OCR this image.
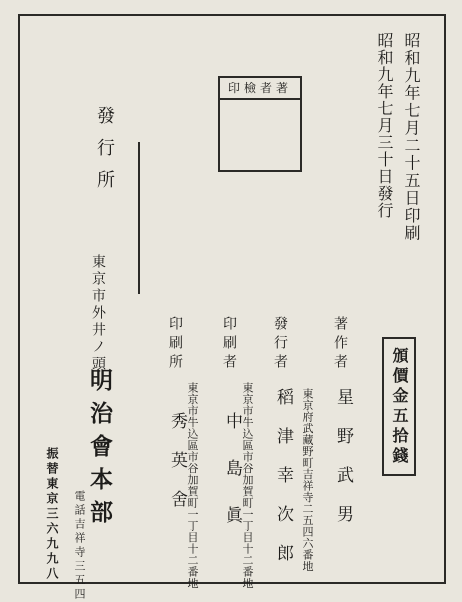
昭和九年七月二十五日印刷
昭和九年七月三十日發行
著者檢印
發行所
東京市外井ノ頭
明治會本部
電話吉祥寺三五四
振替東京三六九九八
著作者
東京府武藏野町吉祥寺二五四六番地 星野武男
發行者
稻津幸次郎
印刷者
東京市牛込區市谷加賀町一丁目十二番地
中島眞
印刷所
東京市牛込區市谷加賀町一丁目十二番地
秀英舍
頒價金五拾錢
